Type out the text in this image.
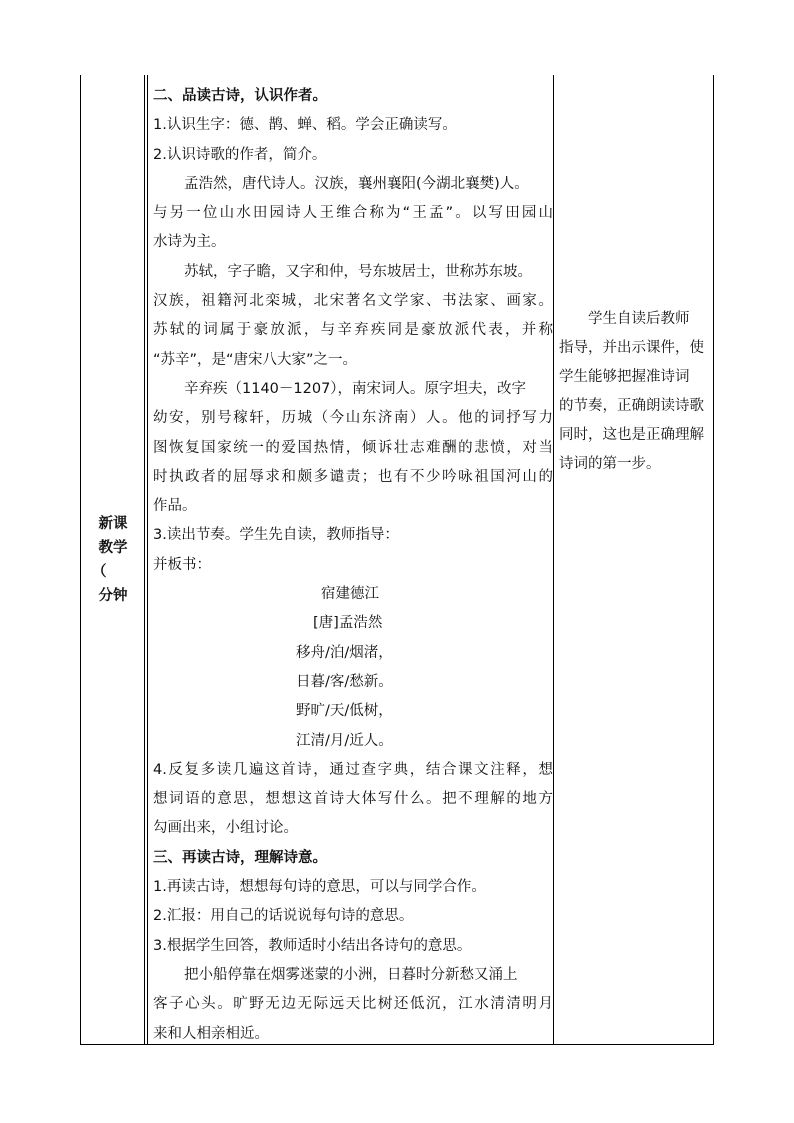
新课
教学
（
分钟
二、品读古诗，认识作者。
1.认识生字：德、鹊、蝉、稻。学会正确读写。
2.认识诗歌的作者，简介。
孟浩然，唐代诗人。汉族，襄州襄阳(今湖北襄樊)人。
与另一位山水田园诗人王维合称为“王孟”。以写田园山
水诗为主。
苏轼，字子瞻，又字和仲，号东坡居士，世称苏东坡。
汉族，祖籍河北栾城，北宋著名文学家、书法家、画家。
苏轼的词属于豪放派，与辛弃疾同是豪放派代表，并称
“苏辛”，是“唐宋八大家”之一。
辛弃疾（1140－1207），南宋词人。原字坦夫，改字
幼安，别号稼轩，历城（今山东济南）人。他的词抒写力
图恢复国家统一的爱国热情，倾诉壮志难酬的悲愤，对当
时执政者的屈辱求和颇多谴责；也有不少吟咏祖国河山的
作品。
3.读出节奏。学生先自读，教师指导：
并板书：
宿建德江
[唐]孟浩然
移舟/泊/烟渚，
日暮/客/愁新。
野旷/天/低树，
江清/月/近人。
4.反复多读几遍这首诗，通过查字典，结合课文注释，想
想词语的意思，想想这首诗大体写什么。把不理解的地方
勾画出来，小组讨论。
三、再读古诗，理解诗意。
1.再读古诗，想想每句诗的意思，可以与同学合作。
2.汇报：用自己的话说说每句诗的意思。
3.根据学生回答，教师适时小结出各诗句的意思。
把小船停靠在烟雾迷蒙的小洲，日暮时分新愁又涌上
客子心头。旷野无边无际远天比树还低沉，江水清清明月
来和人相亲相近。
学生自读后教师
指导，并出示课件，使
学生能够把握准诗词
的节奏，正确朗读诗歌
同时，这也是正确理解
诗词的第一步。
